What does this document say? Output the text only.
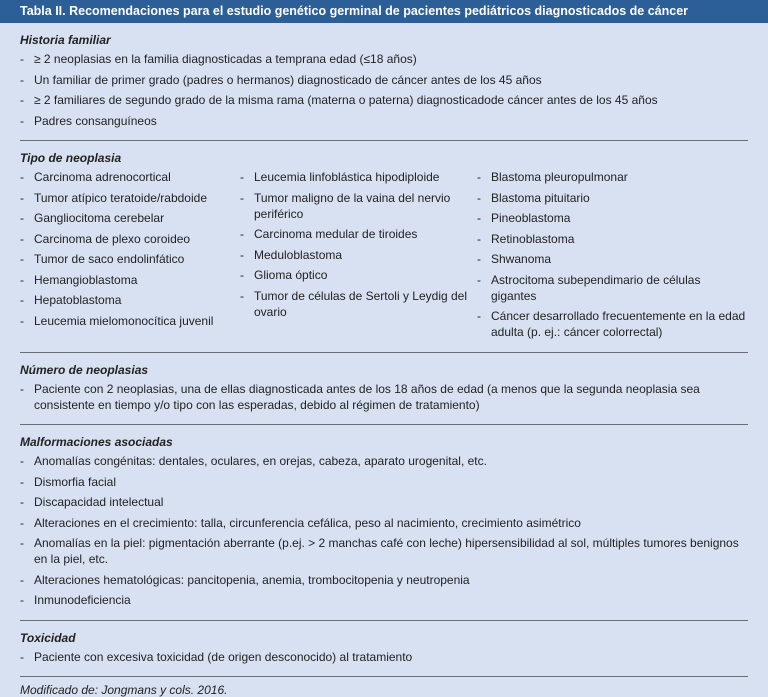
Tabla II. Recomendaciones para el estudio genético germinal de pacientes pediátricos diagnosticados de cáncer
Historia familiar
- ≥ 2 neoplasias en la familia diagnosticadas a temprana edad (≤18 años)
- Un familiar de primer grado (padres o hermanos) diagnosticado de cáncer antes de los 45 años
- ≥ 2 familiares de segundo grado de la misma rama (materna o paterna) diagnosticadode cáncer antes de los 45 años
- Padres consanguíneos
Tipo de neoplasia
- Carcinoma adrenocortical
- Tumor atípico teratoide/rabdoide
- Gangliocitoma cerebelar
- Carcinoma de plexo coroideo
- Tumor de saco endolinfático
- Hemangioblastoma
- Hepatoblastoma
- Leucemia mielomonocítica juvenil
- Leucemia linfoblástica hipodiploide
- Tumor maligno de la vaina del nervio periférico
- Carcinoma medular de tiroides
- Meduloblastoma
- Glioma óptico
- Tumor de células de Sertoli y Leydig del ovario
- Blastoma pleuropulmonar
- Blastoma pituitario
- Pineoblastoma
- Retinoblastoma
- Shwanoma
- Astrocitoma subependimario de células gigantes
- Cáncer desarrollado frecuentemente en la edad adulta (p. ej.: cáncer colorrectal)
Número de neoplasias
- Paciente con 2 neoplasias, una de ellas diagnosticada antes de los 18 años de edad (a menos que la segunda neoplasia sea consistente en tiempo y/o tipo con las esperadas, debido al régimen de tratamiento)
Malformaciones asociadas
- Anomalías congénitas: dentales, oculares, en orejas, cabeza, aparato urogenital, etc.
- Dismorfia facial
- Discapacidad intelectual
- Alteraciones en el crecimiento: talla, circunferencia cefálica, peso al nacimiento, crecimiento asimétrico
- Anomalías en la piel: pigmentación aberrante (p.ej. > 2 manchas café con leche) hipersensibilidad al sol, múltiples tumores benignos en la piel, etc.
- Alteraciones hematológicas: pancitopenia, anemia, trombocitopenia y neutropenia
- Inmunodeficiencia
Toxicidad
- Paciente con excesiva toxicidad (de origen desconocido) al tratamiento
Modificado de: Jongmans y cols. 2016.
